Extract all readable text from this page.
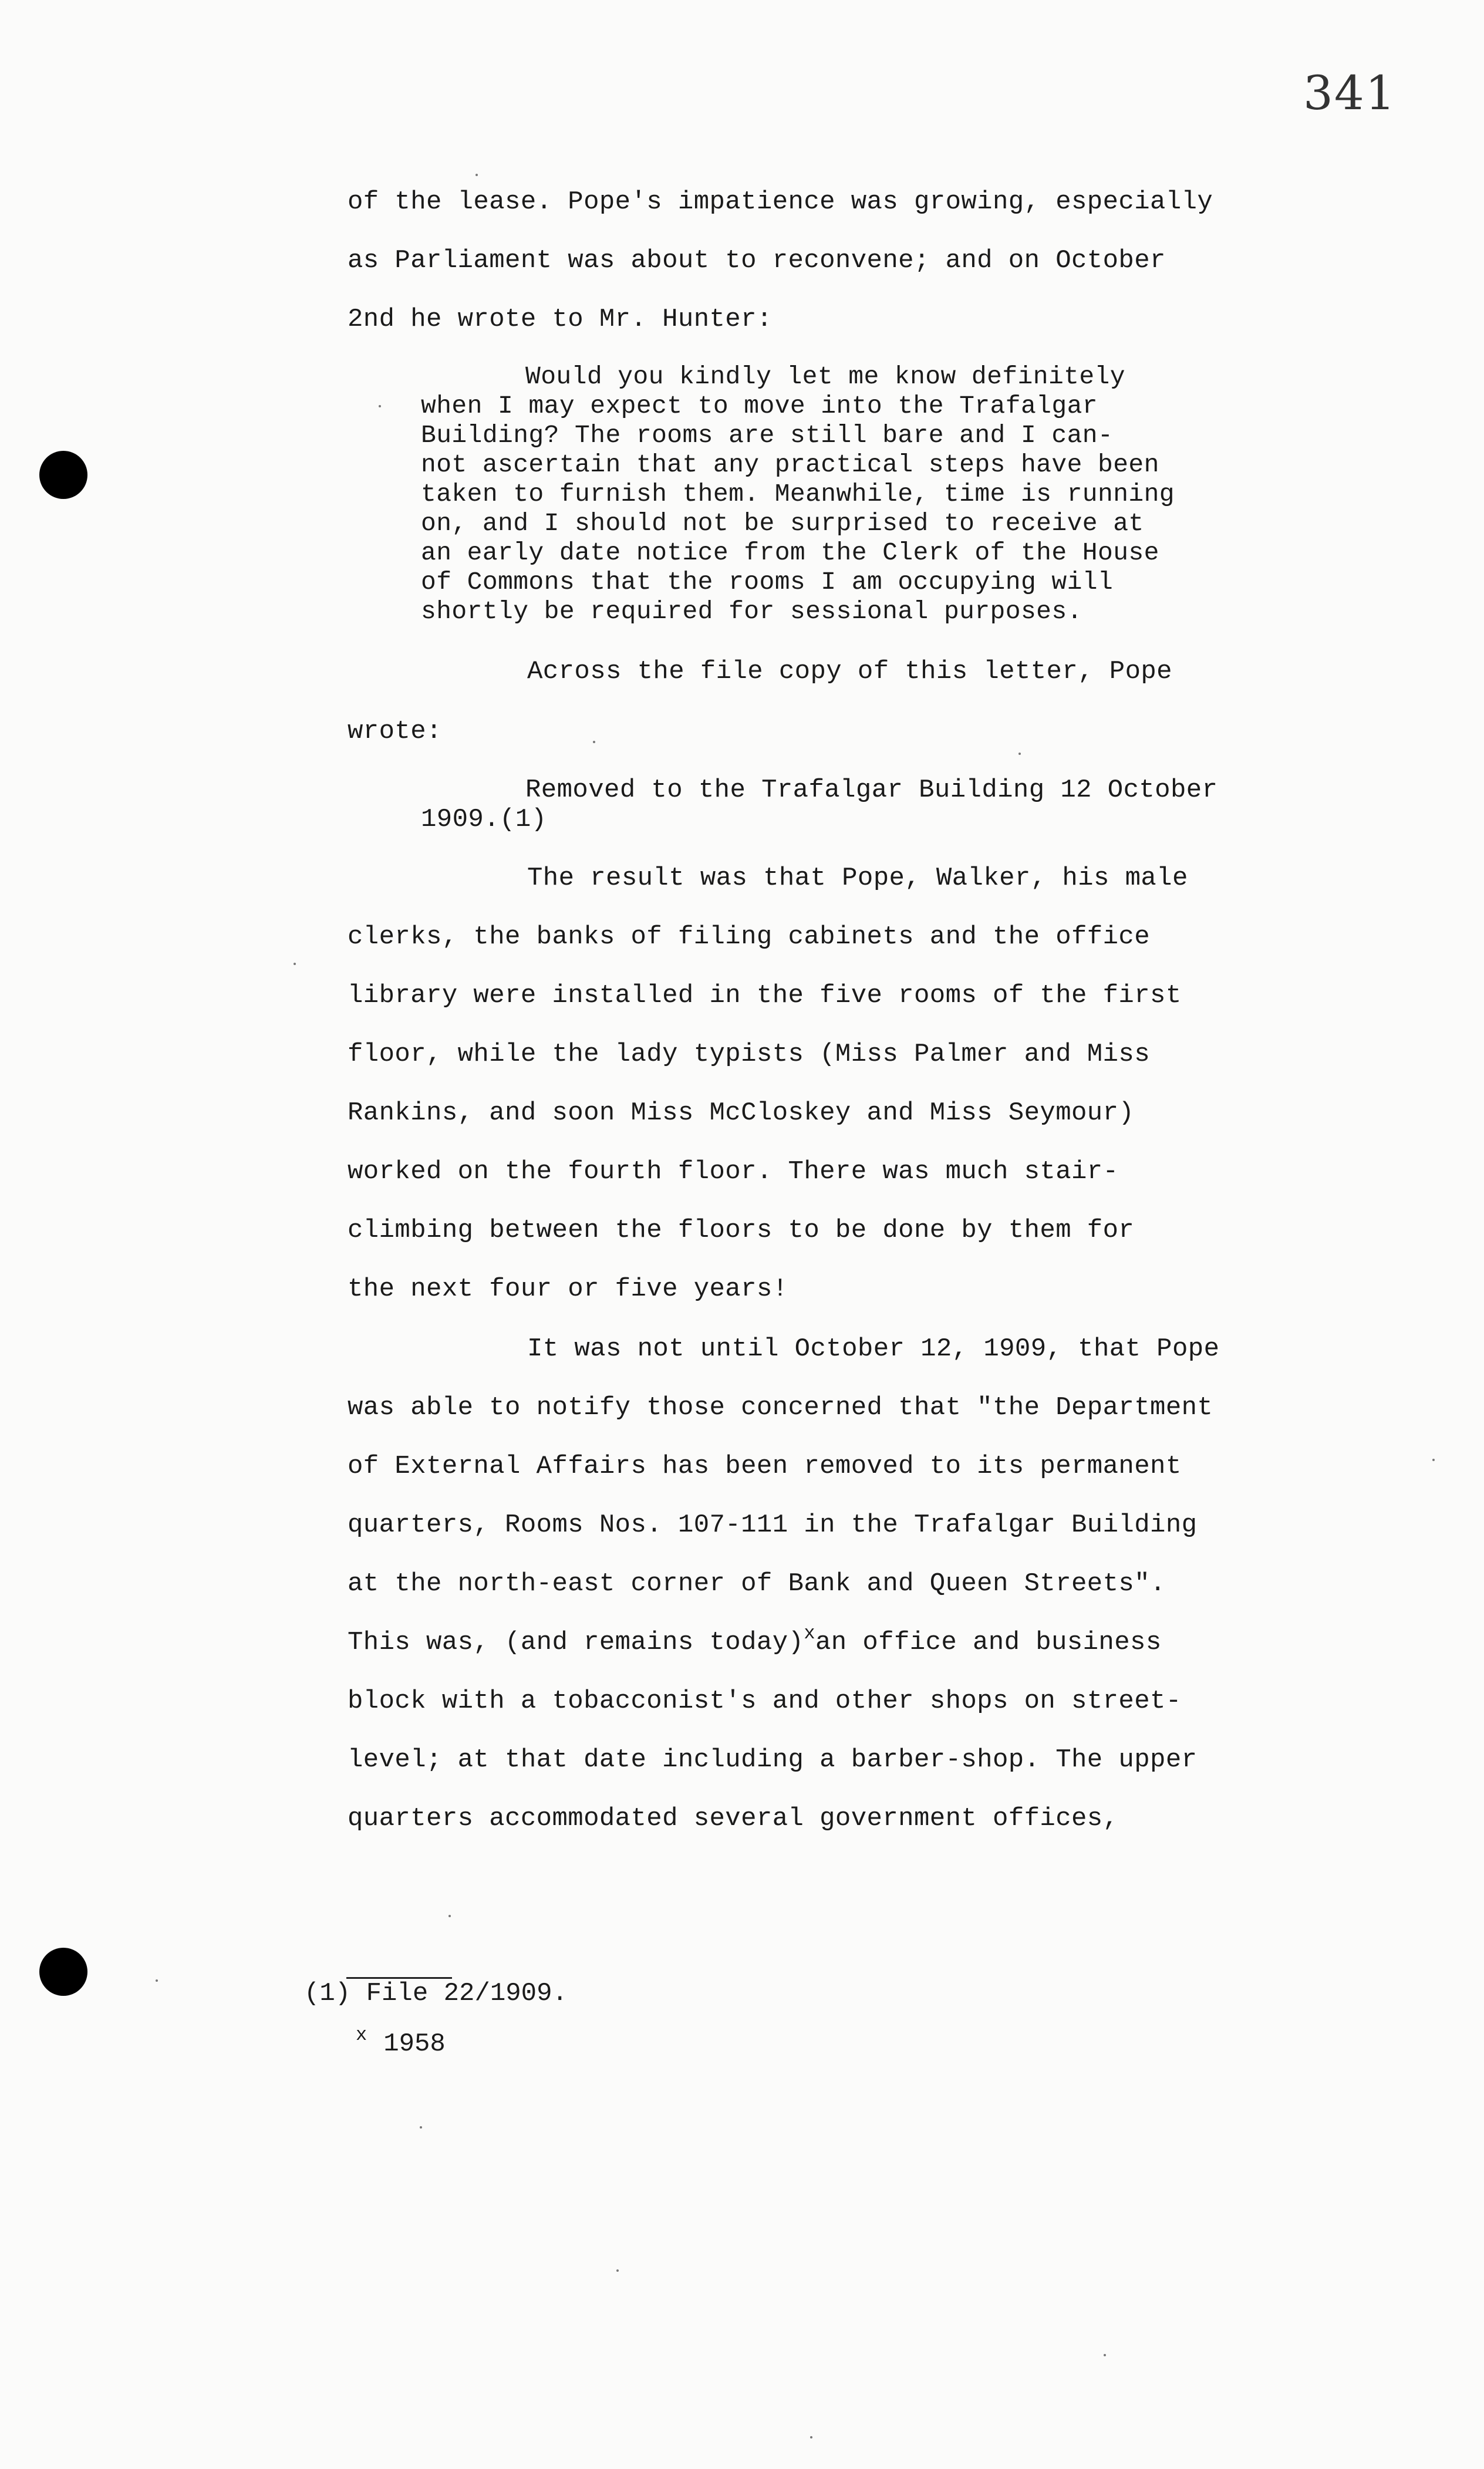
341
of the lease. Pope's impatience was growing, especially
as Parliament was about to reconvene; and on October
2nd he wrote to Mr. Hunter:
Would you kindly let me know definitely
when I may expect to move into the Trafalgar
Building? The rooms are still bare and I can-
not ascertain that any practical steps have been
taken to furnish them. Meanwhile, time is running
on, and I should not be surprised to receive at
an early date notice from the Clerk of the House
of Commons that the rooms I am occupying will
shortly be required for sessional purposes.
Across the file copy of this letter, Pope
wrote:
Removed to the Trafalgar Building 12 October
1909.(1)
The result was that Pope, Walker, his male
clerks, the banks of filing cabinets and the office
library were installed in the five rooms of the first
floor, while the lady typists (Miss Palmer and Miss
Rankins, and soon Miss McCloskey and Miss Seymour)
worked on the fourth floor. There was much stair-
climbing between the floors to be done by them for
the next four or five years!
It was not until October 12, 1909, that Pope
was able to notify those concerned that "the Department
of External Affairs has been removed to its permanent
quarters, Rooms Nos. 107-111 in the Trafalgar Building
at the north-east corner of Bank and Queen Streets".
This was, (and remains today)$^x$an office and business
block with a tobacconist's and other shops on street-
level; at that date including a barber-shop. The upper
quarters accommodated several government offices,
(1) File 22/1909.
$^x$ 1958
